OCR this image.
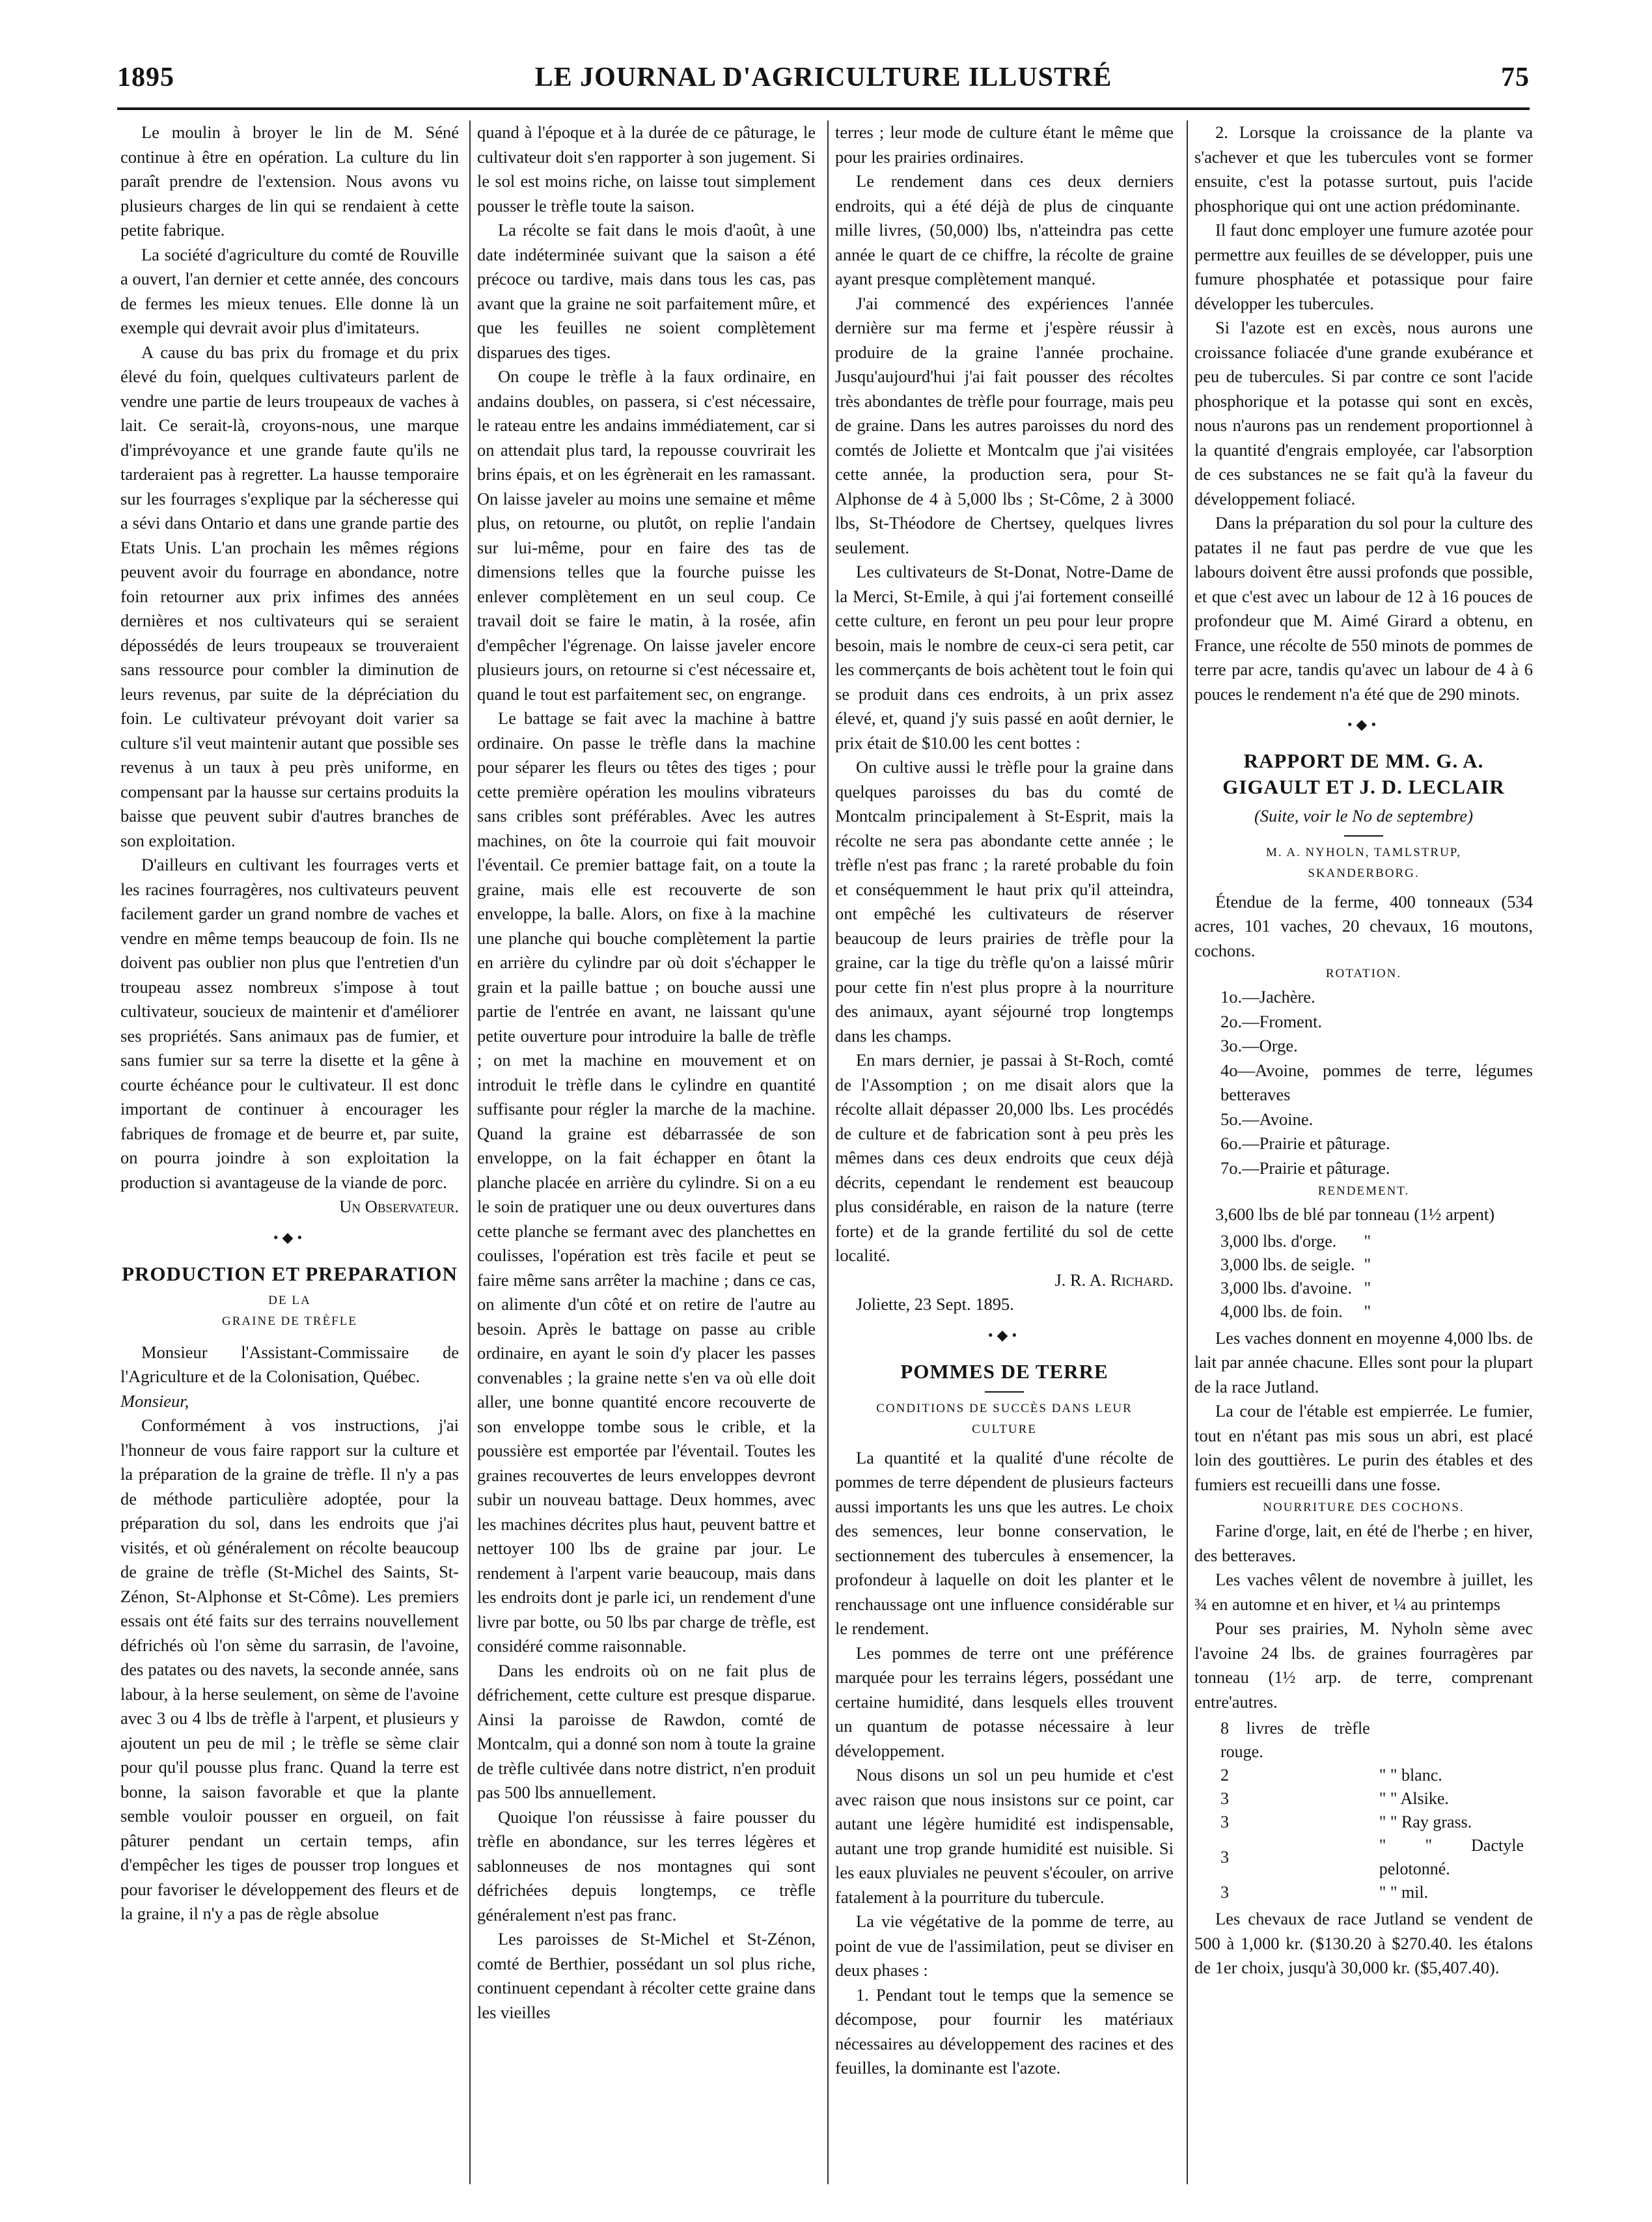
LE JOURNAL D'AGRICULTURE ILLUSTRÉ
1895	75

Le moulin à broyer le lin de M. Séné continue à être en opération. La culture du lin paraît prendre de l'extension. Nous avons vu plusieurs charges de lin qui se rendaient à cette petite fabrique.

La société d'agriculture du comté de Rouville a ouvert, l'an dernier et cette année, des concours de fermes les mieux tenues. Elle donne là un exemple qui devrait avoir plus d'imitateurs.

A cause du bas prix du fromage et du prix élevé du foin, quelques cultivateurs parlent de vendre une partie de leurs troupeaux de vaches à lait. Ce serait-là, croyons-nous, une marque d'imprévoyance et une grande faute qu'ils ne tarderaient pas à regretter. La hausse temporaire sur les fourrages s'explique par la sécheresse qui a sévi dans Ontario et dans une grande partie des Etats Unis. L'an prochain les mêmes régions peuvent avoir du fourrage en abondance, notre foin retourner aux prix infimes des années dernières et nos cultivateurs qui se seraient dépossédés de leurs troupeaux se trouveraient sans ressource pour combler la diminution de leurs revenus, par suite de la dépréciation du foin. Le cultivateur prévoyant doit varier sa culture s'il veut maintenir autant que possible ses revenus à un taux à peu près uniforme, en compensant par la hausse sur certains produits la baisse que peuvent subir d'autres branches de son exploitation.

D'ailleurs en cultivant les fourrages verts et les racines fourragères, nos cultivateurs peuvent facilement garder un grand nombre de vaches et vendre en même temps beaucoup de foin. Ils ne doivent pas oublier non plus que l'entretien d'un troupeau assez nombreux s'impose à tout cultivateur, soucieux de maintenir et d'améliorer ses propriétés. Sans animaux pas de fumier, et sans fumier sur sa terre la disette et la gêne à courte échéance pour le cultivateur. Il est donc important de continuer à encourager les fabriques de fromage et de beurre et, par suite, on pourra joindre à son exploitation la production si avantageuse de la viande de porc.

Un Observateur.

•◆•
PRODUCTION ET PREPARATION
DE LA
GRAINE DE TRÈFLE

Monsieur l'Assistant-Commissaire de l'Agriculture et de la Colonisation, Québec.

Monsieur,

Conformément à vos instructions, j'ai l'honneur de vous faire rapport sur la culture et la préparation de la graine de trèfle. Il n'y a pas de méthode particulière adoptée, pour la préparation du sol, dans les endroits que j'ai visités, et où généralement on récolte beaucoup de graine de trèfle (St-Michel des Saints, St-Zénon, St-Alphonse et St-Côme). Les premiers essais ont été faits sur des terrains nouvellement défrichés où l'on sème du sarrasin, de l'avoine, des patates ou des navets, la seconde année, sans labour, à la herse seulement, on sème de l'avoine avec 3 ou 4 lbs de trèfle à l'arpent, et plusieurs y ajoutent un peu de mil ; le trèfle se sème clair pour qu'il pousse plus franc. Quand la terre est bonne, la saison favorable et que la plante semble vouloir pousser en orgueil, on fait pâturer pendant un certain temps, afin d'empêcher les tiges de pousser trop longues et pour favoriser le développement des fleurs et de la graine, il n'y a pas de règle absolue

quand à l'époque et à la durée de ce pâturage, le cultivateur doit s'en rapporter à son jugement. Si le sol est moins riche, on laisse tout simplement pousser le trèfle toute la saison.

La récolte se fait dans le mois d'août, à une date indéterminée suivant que la saison a été précoce ou tardive, mais dans tous les cas, pas avant que la graine ne soit parfaitement mûre, et que les feuilles ne soient complètement disparues des tiges.

On coupe le trèfle à la faux ordinaire, en andains doubles, on passera, si c'est nécessaire, le rateau entre les andains immédiatement, car si on attendait plus tard, la repousse couvrirait les brins épais, et on les égrènerait en les ramassant. On laisse javeler au moins une semaine et même plus, on retourne, ou plutôt, on replie l'andain sur lui-même, pour en faire des tas de dimensions telles que la fourche puisse les enlever complètement en un seul coup. Ce travail doit se faire le matin, à la rosée, afin d'empêcher l'égrenage. On laisse javeler encore plusieurs jours, on retourne si c'est nécessaire et, quand le tout est parfaitement sec, on engrange.

Le battage se fait avec la machine à battre ordinaire. On passe le trèfle dans la machine pour séparer les fleurs ou têtes des tiges ; pour cette première opération les moulins vibrateurs sans cribles sont préférables. Avec les autres machines, on ôte la courroie qui fait mouvoir l'éventail. Ce premier battage fait, on a toute la graine, mais elle est recouverte de son enveloppe, la balle. Alors, on fixe à la machine une planche qui bouche complètement la partie en arrière du cylindre par où doit s'échapper le grain et la paille battue ; on bouche aussi une partie de l'entrée en avant, ne laissant qu'une petite ouverture pour introduire la balle de trèfle ; on met la machine en mouvement et on introduit le trèfle dans le cylindre en quantité suffisante pour régler la marche de la machine. Quand la graine est débarrassée de son enveloppe, on la fait échapper en ôtant la planche placée en arrière du cylindre. Si on a eu le soin de pratiquer une ou deux ouvertures dans cette planche se fermant avec des planchettes en coulisses, l'opération est très facile et peut se faire même sans arrêter la machine ; dans ce cas, on alimente d'un côté et on retire de l'autre au besoin. Après le battage on passe au crible ordinaire, en ayant le soin d'y placer les passes convenables ; la graine nette s'en va où elle doit aller, une bonne quantité encore recouverte de son enveloppe tombe sous le crible, et la poussière est emportée par l'éventail. Toutes les graines recouvertes de leurs enveloppes devront subir un nouveau battage. Deux hommes, avec les machines décrites plus haut, peuvent battre et nettoyer 100 lbs de graine par jour. Le rendement à l'arpent varie beaucoup, mais dans les endroits dont je parle ici, un rendement d'une livre par botte, ou 50 lbs par charge de trèfle, est considéré comme raisonnable.

Dans les endroits où on ne fait plus de défrichement, cette culture est presque disparue. Ainsi la paroisse de Rawdon, comté de Montcalm, qui a donné son nom à toute la graine de trèfle cultivée dans notre district, n'en produit pas 500 lbs annuellement.

Quoique l'on réussisse à faire pousser du trèfle en abondance, sur les terres légères et sablonneuses de nos montagnes qui sont défrichées depuis longtemps, ce trèfle généralement n'est pas franc.

Les paroisses de St-Michel et St-Zénon, comté de Berthier, possédant un sol plus riche, continuent cependant à récolter cette graine dans les vieilles

terres ; leur mode de culture étant le même que pour les prairies ordinaires.

Le rendement dans ces deux derniers endroits, qui a été déjà de plus de cinquante mille livres, (50,000) lbs, n'atteindra pas cette année le quart de ce chiffre, la récolte de graine ayant presque complètement manqué.

J'ai commencé des expériences l'année dernière sur ma ferme et j'espère réussir à produire de la graine l'année prochaine. Jusqu'aujourd'hui j'ai fait pousser des récoltes très abondantes de trèfle pour fourrage, mais peu de graine. Dans les autres paroisses du nord des comtés de Joliette et Montcalm que j'ai visitées cette année, la production sera, pour St-Alphonse de 4 à 5,000 lbs ; St-Côme, 2 à 3000 lbs, St-Théodore de Chertsey, quelques livres seulement.

Les cultivateurs de St-Donat, Notre-Dame de la Merci, St-Emile, à qui j'ai fortement conseillé cette culture, en feront un peu pour leur propre besoin, mais le nombre de ceux-ci sera petit, car les commerçants de bois achètent tout le foin qui se produit dans ces endroits, à un prix assez élevé, et, quand j'y suis passé en août dernier, le prix était de $10.00 les cent bottes :

On cultive aussi le trèfle pour la graine dans quelques paroisses du bas du comté de Montcalm principalement à St-Esprit, mais la récolte ne sera pas abondante cette année ; le trèfle n'est pas franc ; la rareté probable du foin et conséquemment le haut prix qu'il atteindra, ont empêché les cultivateurs de réserver beaucoup de leurs prairies de trèfle pour la graine, car la tige du trèfle qu'on a laissé mûrir pour cette fin n'est plus propre à la nourriture des animaux, ayant séjourné trop longtemps dans les champs.

En mars dernier, je passai à St-Roch, comté de l'Assomption ; on me disait alors que la récolte allait dépasser 20,000 lbs. Les procédés de culture et de fabrication sont à peu près les mêmes dans ces deux endroits que ceux déjà décrits, cependant le rendement est beaucoup plus considérable, en raison de la nature (terre forte) et de la grande fertilité du sol de cette localité.

J. R. A. Richard.

Joliette, 23 Sept. 1895.

•◆•
POMMES DE TERRE
CONDITIONS DE SUCCÈS DANS LEUR
CULTURE

La quantité et la qualité d'une récolte de pommes de terre dépendent de plusieurs facteurs aussi importants les uns que les autres. Le choix des semences, leur bonne conservation, le sectionnement des tubercules à ensemencer, la profondeur à laquelle on doit les planter et le renchaussage ont une influence considérable sur le rendement.

Les pommes de terre ont une préférence marquée pour les terrains légers, possédant une certaine humidité, dans lesquels elles trouvent un quantum de potasse nécessaire à leur développement.

Nous disons un sol un peu humide et c'est avec raison que nous insistons sur ce point, car autant une légère humidité est indispensable, autant une trop grande humidité est nuisible. Si les eaux pluviales ne peuvent s'écouler, on arrive fatalement à la pourriture du tubercule.

La vie végétative de la pomme de terre, au point de vue de l'assimilation, peut se diviser en deux phases :

1. Pendant tout le temps que la semence se décompose, pour fournir les matériaux nécessaires au développement des racines et des feuilles, la dominante est l'azote.

2. Lorsque la croissance de la plante va s'achever et que les tubercules vont se former ensuite, c'est la potasse surtout, puis l'acide phosphorique qui ont une action prédominante.

Il faut donc employer une fumure azotée pour permettre aux feuilles de se développer, puis une fumure phosphatée et potassique pour faire développer les tubercules.

Si l'azote est en excès, nous aurons une croissance foliacée d'une grande exubérance et peu de tubercules. Si par contre ce sont l'acide phosphorique et la potasse qui sont en excès, nous n'aurons pas un rendement proportionnel à la quantité d'engrais employée, car l'absorption de ces substances ne se fait qu'à la faveur du développement foliacé.

Dans la préparation du sol pour la culture des patates il ne faut pas perdre de vue que les labours doivent être aussi profonds que possible, et que c'est avec un labour de 12 à 16 pouces de profondeur que M. Aimé Girard a obtenu, en France, une récolte de 550 minots de pommes de terre par acre, tandis qu'avec un labour de 4 à 6 pouces le rendement n'a été que de 290 minots.

•◆•
RAPPORT DE MM. G. A. GIGAULT ET J. D. LECLAIR
(Suite, voir le No de septembre)
M. A. NYHOLN, TAMLSTRUP,
SKANDERBORG.

Étendue de la ferme, 400 tonneaux (534 acres, 101 vaches, 20 chevaux, 16 moutons, cochons.

ROTATION.
1o.—Jachère.
2o.—Froment.
3o.—Orge.
4o—Avoine, pommes de terre, légumes betteraves
5o.—Avoine.
6o.—Prairie et pâturage.
7o.—Prairie et pâturage.
RENDEMENT.

3,600 lbs de blé par tonneau (1½ arpent)

3,000 lbs. d'orge.	"
3,000 lbs. de seigle.	"
3,000 lbs. d'avoine.	"
4,000 lbs. de foin.	"

Les vaches donnent en moyenne 4,000 lbs. de lait par année chacune. Elles sont pour la plupart de la race Jutland.

La cour de l'étable est empierrée. Le fumier, tout en n'étant pas mis sous un abri, est placé loin des gouttières. Le purin des étables et des fumiers est recueilli dans une fosse.

NOURRITURE DES COCHONS.

Farine d'orge, lait, en été de l'herbe ; en hiver, des betteraves.

Les vaches vêlent de novembre à juillet, les ¾ en automne et en hiver, et ¼ au printemps

Pour ses prairies, M. Nyholn sème avec l'avoine 24 lbs. de graines fourragères par tonneau (1½ arp. de terre, comprenant entre'autres.

8 livres de trèfle rouge.	
2	" " blanc.
3	" " Alsike.
3	" " Ray grass.
3	" " Dactyle pelotonné.
3	" " mil.

Les chevaux de race Jutland se vendent de 500 à 1,000 kr. ($130.20 à $270.40. les étalons de 1er choix, jusqu'à 30,000 kr. ($5,407.40).
